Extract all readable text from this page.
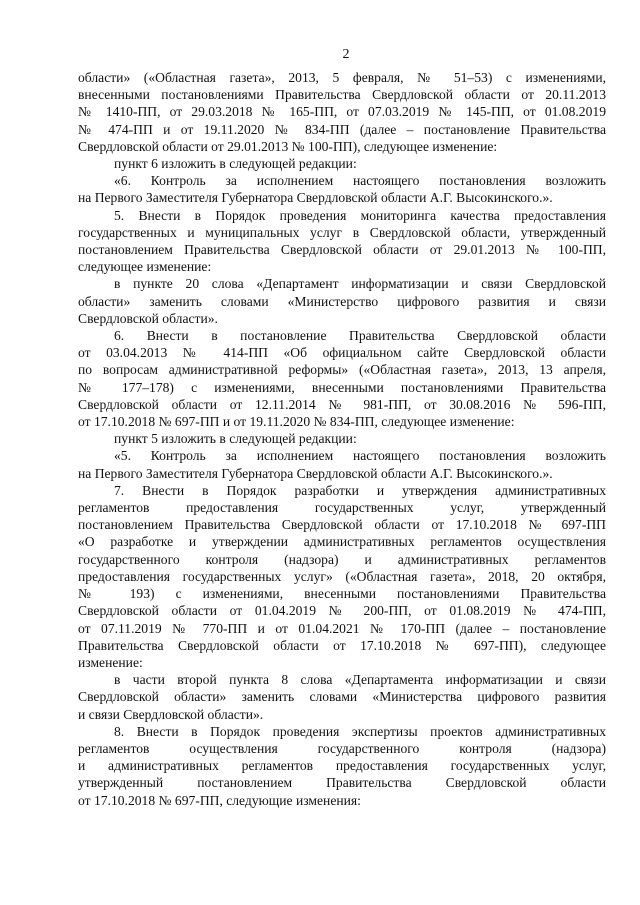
2
области» («Областная газета», 2013, 5 февраля, № 51–53) с изменениями,
внесенными постановлениями Правительства Свердловской области от 20.11.2013
№ 1410-ПП, от 29.03.2018 № 165-ПП, от 07.03.2019 № 145-ПП, от 01.08.2019
№ 474-ПП и от 19.11.2020 № 834-ПП (далее – постановление Правительства
Свердловской области от 29.01.2013 № 100-ПП), следующее изменение:
пункт 6 изложить в следующей редакции:
«6. Контроль за исполнением настоящего постановления возложить
на Первого Заместителя Губернатора Свердловской области А.Г. Высокинского.».
5. Внести в Порядок проведения мониторинга качества предоставления
государственных и муниципальных услуг в Свердловской области, утвержденный
постановлением Правительства Свердловской области от 29.01.2013 № 100-ПП,
следующее изменение:
в пункте 20 слова «Департамент информатизации и связи Свердловской
области» заменить словами «Министерство цифрового развития и связи
Свердловской области».
6. Внести в постановление Правительства Свердловской области
от 03.04.2013 № 414-ПП «Об официальном сайте Свердловской области
по вопросам административной реформы» («Областная газета», 2013, 13 апреля,
№ 177–178) с изменениями, внесенными постановлениями Правительства
Свердловской области от 12.11.2014 № 981-ПП, от 30.08.2016 № 596-ПП,
от 17.10.2018 № 697-ПП и от 19.11.2020 № 834-ПП, следующее изменение:
пункт 5 изложить в следующей редакции:
«5. Контроль за исполнением настоящего постановления возложить
на Первого Заместителя Губернатора Свердловской области А.Г. Высокинского.».
7. Внести в Порядок разработки и утверждения административных
регламентов предоставления государственных услуг, утвержденный
постановлением Правительства Свердловской области от 17.10.2018 № 697-ПП
«О разработке и утверждении административных регламентов осуществления
государственного контроля (надзора) и административных регламентов
предоставления государственных услуг» («Областная газета», 2018, 20 октября,
№ 193) с изменениями, внесенными постановлениями Правительства
Свердловской области от 01.04.2019 № 200-ПП, от 01.08.2019 № 474-ПП,
от 07.11.2019 № 770-ПП и от 01.04.2021 № 170-ПП (далее – постановление
Правительства Свердловской области от 17.10.2018 № 697-ПП), следующее
изменение:
в части второй пункта 8 слова «Департамента информатизации и связи
Свердловской области» заменить словами «Министерства цифрового развития
и связи Свердловской области».
8. Внести в Порядок проведения экспертизы проектов административных
регламентов осуществления государственного контроля (надзора)
и административных регламентов предоставления государственных услуг,
утвержденный постановлением Правительства Свердловской области
от 17.10.2018 № 697-ПП, следующие изменения:
